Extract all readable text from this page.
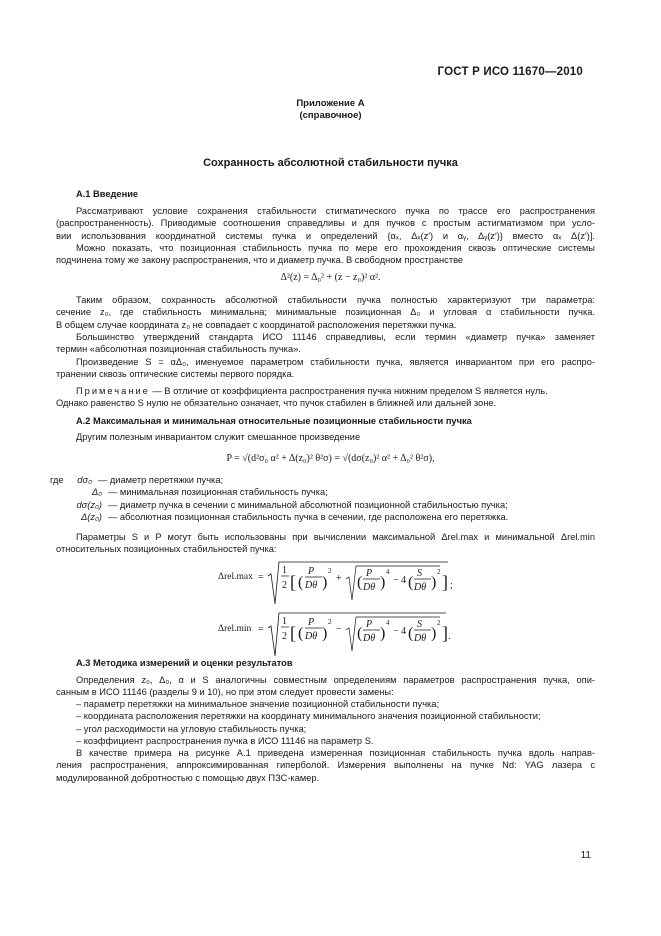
ГОСТ Р ИСО 11670—2010
Приложение А
(справочное)
Сохранность абсолютной стабильности пучка
А.1 Введение
Рассматривают условие сохранения стабильности стигматического пучка по трассе его распространения
(распространенность). Приводимые соотношения справедливы и для пучков с простым астигматизмом при усло-
вии использования координатной системы пучка и определений {αₓ, Δₓ(z′) и αᵧ, Δᵧ(z′)} вместо αₓ Δ(z′)].
Можно показать, что позиционная стабильность пучка по мере его прохождения сквозь оптические системы
подчинена тому же закону распространения, что и диаметр пучка. В свободном пространстве
Δ²(z) = Δ₀² + (z − z₀)² α².
Таким образом, сохранность абсолютной стабильности пучка полностью характеризуют три параметра:
сечение z₀, где стабильность минимальна; минимальные позиционная Δ₀ и угловая α стабильности пучка.
В общем случае координата z₀ не совпадает с координатой расположения перетяжки пучка.
Большинство утверждений стандарта ИСО 11146 справедливы, если термин «диаметр пучка» заменяет
термин «абсолютная позиционная стабильность пучка».
Произведение S = αΔ₀, именуемое параметром стабильности пучка, является инвариантом при его распро-
транении сквозь оптические системы первого порядка.
Примечание — В отличие от коэффициента распространения пучка нижним пределом S является нуль.
Однако равенство S нулю не обязательно означает, что пучок стабилен в ближней или дальней зоне.
А.2 Максимальная и минимальная относительные позиционные стабильности пучка
Другим полезным инвариантом служит смешанное произведение
P = √(d²σ₀ α² + Δ(z₀)² θ²σ) = √(dσ(z₀)² α² + Δ₀² θ²σ),
где dσ₀ — диаметр перетяжки пучка;
Δ₀ — минимальная позиционная стабильность пучка;
dσ(z₀) — диаметр пучка в сечении с минимальной абсолютной позиционной стабильностью пучка;
Δ(z₀) — абсолютная позиционная стабильность пучка в сечении, где расположена его перетяжка.
Параметры S и P могут быть использованы при вычислении максимальной Δrel.max и минимальной Δrel.min
относительных позиционных стабильностей пучка:
Δrel.max =
1
2 [ (
P
Dθ )
2
+ (
P
Dθ )
4
− 4 (
S
Dθ )
2 ] ;
Δrel.min =
1
2 [ (
P
Dθ )
2
− (
P
Dθ )
4
− 4 (
S
Dθ )
2 ] .
А.3 Методика измерений и оценки результатов
Определения z₀, Δ₀, α и S аналогичны совместным определениям параметров распространения пучка, опи-
санным в ИСО 11146 (разделы 9 и 10), но при этом следует провести замены:
– параметр перетяжки на минимальное значение позиционной стабильности пучка;
– координата расположения перетяжки на координату минимального значения позиционной стабильности;
– угол расходимости на угловую стабильность пучка;
– коэффициент распространения пучка в ИСО 11146 на параметр S.
В качестве примера на рисунке А.1 приведена измеренная позиционная стабильность пучка вдоль направ-
ления распространения, аппроксимированная гиперболой. Измерения выполнены на пучке Nd: YAG лазера с
модулированной добротностью с помощью двух ПЗС-камер.
11
